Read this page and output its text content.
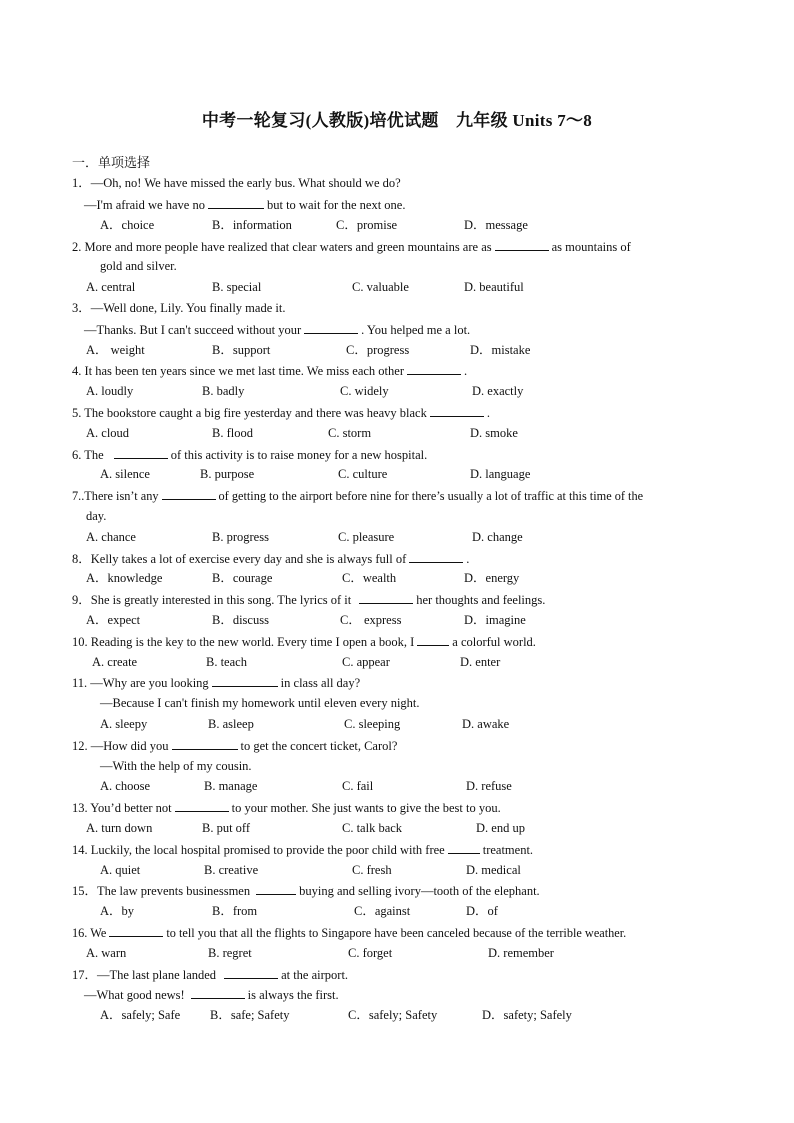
中考一轮复习(人教版)培优试题　九年级 Units 7～8
一．单项选择
1．—Oh, no! We have missed the early bus. What should we do?
—I'm afraid we have no	but to wait for the next one.
A．choice	B．information	C．promise	D．message
2. More and more people have realized that clear waters and green mountains are as	as mountains of
gold and silver.
A. central	B. special	C. valuable	D. beautiful
3．—Well done, Lily. You finally made it.
—Thanks. But I can't succeed without your	. You helped me a lot.
A． weight	B．support	C．progress	D．mistake
4. It has been ten years since we met last time. We miss each other	.
A. loudly	B. badly	C. widely	D. exactly
5. The bookstore caught a big fire yesterday and there was heavy black	.
A. cloud	B. flood	C. storm	D. smoke
6. The	of this activity is to raise money for a new hospital.
A. silence	B. purpose	C. culture	D. language
7..There isn’t any	of getting to the airport before nine for there’s usually a lot of traffic at this time of the
day.
A. chance	B. progress	C. pleasure	D. change
8．Kelly takes a lot of exercise every day and she is always full of	.
A．knowledge	B．courage	C．wealth	D．energy
9．She is greatly interested in this song. The lyrics of it	her thoughts and feelings.
A．expect	B．discuss	C． express	D．imagine
10. Reading is the key to the new world. Every time I open a book, I	a colorful world.
A. create	B. teach	C. appear	D. enter
11. —Why are you looking	in class all day?
—Because I can't finish my homework until eleven every night.
A. sleepy	B. asleep	C. sleeping	D. awake
12. —How did you	to get the concert ticket, Carol?
—With the help of my cousin.
A. choose	B. manage	C. fail	D. refuse
13. You’d better not	to your mother. She just wants to give the best to you.
A. turn down	B. put off	C. talk back	D. end up
14. Luckily, the local hospital promised to provide the poor child with free	treatment.
A. quiet	B. creative	C. fresh	D. medical
15．The law prevents businessmen	buying and selling ivory—tooth of the elephant.
A．by	B．from	C．against	D．of
16. We	to tell you that all the flights to Singapore have been canceled because of the terrible weather.
A. warn	B. regret	C. forget	D. remember
17．—The last plane landed	at the airport.
—What good news!	is always the first.
A．safely; Safe B．safe; Safety	C．safely; Safety	D．safety; Safely
